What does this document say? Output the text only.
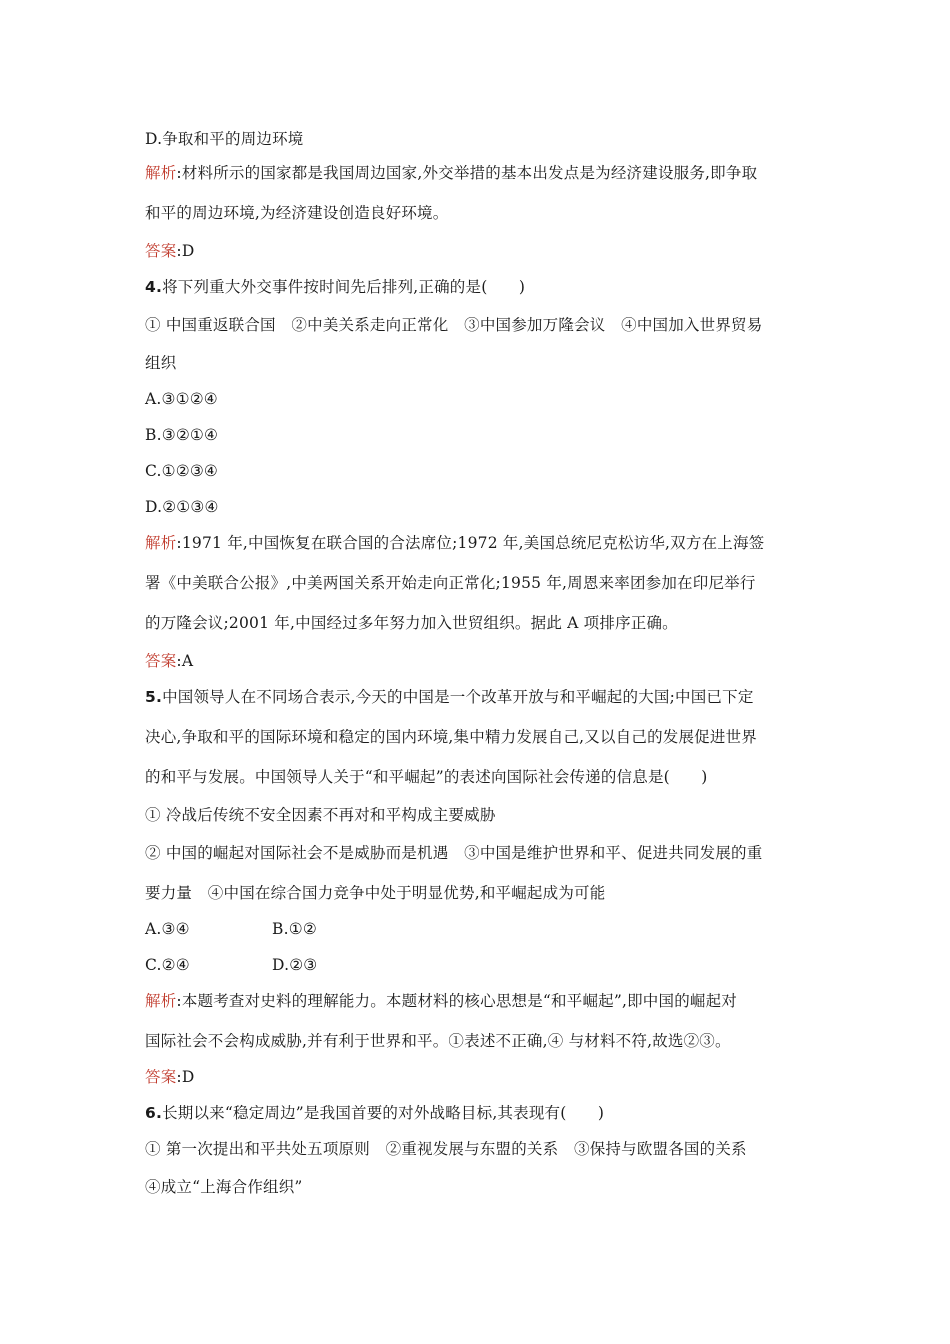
D.争取和平的周边环境
解析:材料所示的国家都是我国周边国家,外交举措的基本出发点是为经济建设服务,即争取
和平的周边环境,为经济建设创造良好环境。
答案:D
4.将下列重大外交事件按时间先后排列,正确的是(　　)
① 中国重返联合国　②中美关系走向正常化　③中国参加万隆会议　④中国加入世界贸易
组织
A.③①②④
B.③②①④
C.①②③④
D.②①③④
解析:1971 年,中国恢复在联合国的合法席位;1972 年,美国总统尼克松访华,双方在上海签
署《中美联合公报》,中美两国关系开始走向正常化;1955 年,周恩来率团参加在印尼举行
的万隆会议;2001 年,中国经过多年努力加入世贸组织。据此 A 项排序正确。
答案:A
5.中国领导人在不同场合表示,今天的中国是一个改革开放与和平崛起的大国;中国已下定
决心,争取和平的国际环境和稳定的国内环境,集中精力发展自己,又以自己的发展促进世界
的和平与发展。中国领导人关于“和平崛起”的表述向国际社会传递的信息是(　　)
① 冷战后传统不安全因素不再对和平构成主要威胁
② 中国的崛起对国际社会不是威胁而是机遇　③中国是维护世界和平、促进共同发展的重
要力量　④中国在综合国力竞争中处于明显优势,和平崛起成为可能
A.③④	B.①②
C.②④	D.②③
解析:本题考查对史料的理解能力。本题材料的核心思想是“和平崛起”,即中国的崛起对
国际社会不会构成威胁,并有利于世界和平。①表述不正确,④ 与材料不符,故选②③。
答案:D
6.长期以来“稳定周边”是我国首要的对外战略目标,其表现有(　　)
① 第一次提出和平共处五项原则　②重视发展与东盟的关系　③保持与欧盟各国的关系
④成立“上海合作组织”
